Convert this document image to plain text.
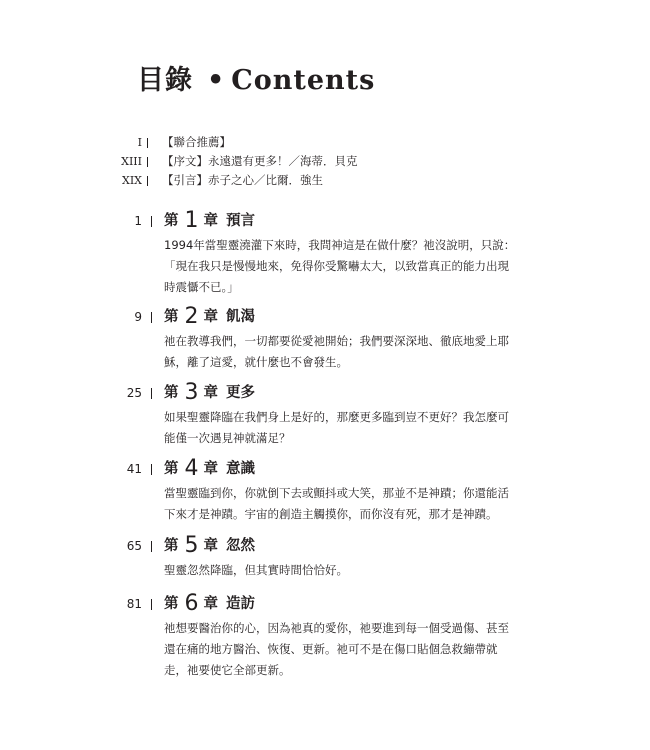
目錄 • Contents
I 【聯合推薦】
XIII 【序文】永遠還有更多！／海蒂．貝克
XIX 【引言】赤子之心／比爾．強生
1 第 1 章 預言
1994年當聖靈澆灌下來時，我問神這是在做什麼？祂沒說明，只說：「現在我只是慢慢地來，免得你受驚嚇太大，以致當真正的能力出現時震懾不已。」
9 第 2 章 飢渴
祂在教導我們，一切都要從愛祂開始；我們要深深地、徹底地愛上耶穌，離了這愛，就什麼也不會發生。
25 第 3 章 更多
如果聖靈降臨在我們身上是好的，那麼更多臨到豈不更好？我怎麼可能僅一次遇見神就滿足？
41 第 4 章 意識
當聖靈臨到你，你就倒下去或顫抖或大笑，那並不是神蹟；你還能活下來才是神蹟。宇宙的創造主觸摸你，而你沒有死，那才是神蹟。
65 第 5 章 忽然
聖靈忽然降臨，但其實時間恰恰好。
81 第 6 章 造訪
祂想要醫治你的心，因為祂真的愛你，祂要進到每一個受過傷、甚至還在痛的地方醫治、恢復、更新。祂可不是在傷口貼個急救繃帶就走，祂要使它全部更新。
